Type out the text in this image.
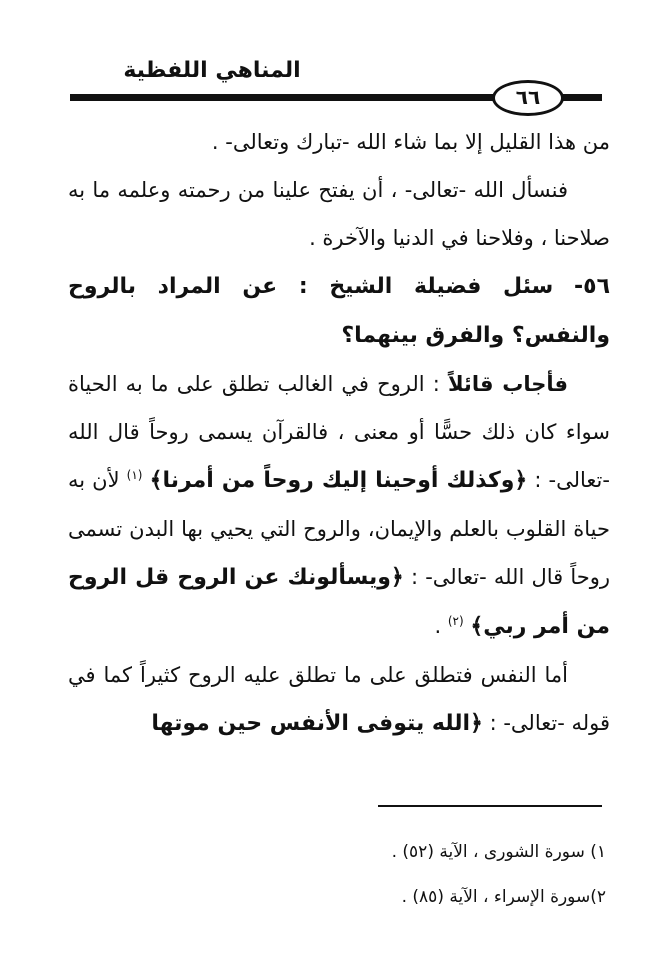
المناهي اللفظية
٦٦

من هذا القليل إلا بما شاء الله -تبارك وتعالى- .

فنسأل الله -تعالى- ، أن يفتح علينا من رحمته وعلمه ما به صلاحنا ، وفلاحنا في الدنيا والآخرة .

٥٦- سئل فضيلة الشيخ : عن المراد بالروح والنفس؟ والفرق بينهما؟

فأجاب قائلاً : الروح في الغالب تطلق على ما به الحياة سواء كان ذلك حسًّا أو معنى ، فالقرآن يسمى روحاً قال الله -تعالى- : ﴿وكذلك أوحينا إليك روحاً من أمرنا﴾ $^{(١)}$ لأن به حياة القلوب بالعلم والإيمان، والروح التي يحيي بها البدن تسمى روحاً قال الله -تعالى- : ﴿ويسألونك عن الروح قل الروح من أمر ربي﴾ $^{(٢)}$ .

أما النفس فتطلق على ما تطلق عليه الروح كثيراً كما في قوله -تعالى- : ﴿الله يتوفى الأنفس حين موتها

١) سورة الشورى ، الآية (٥٢) .

٢)سورة الإسراء ، الآية (٨٥) .
